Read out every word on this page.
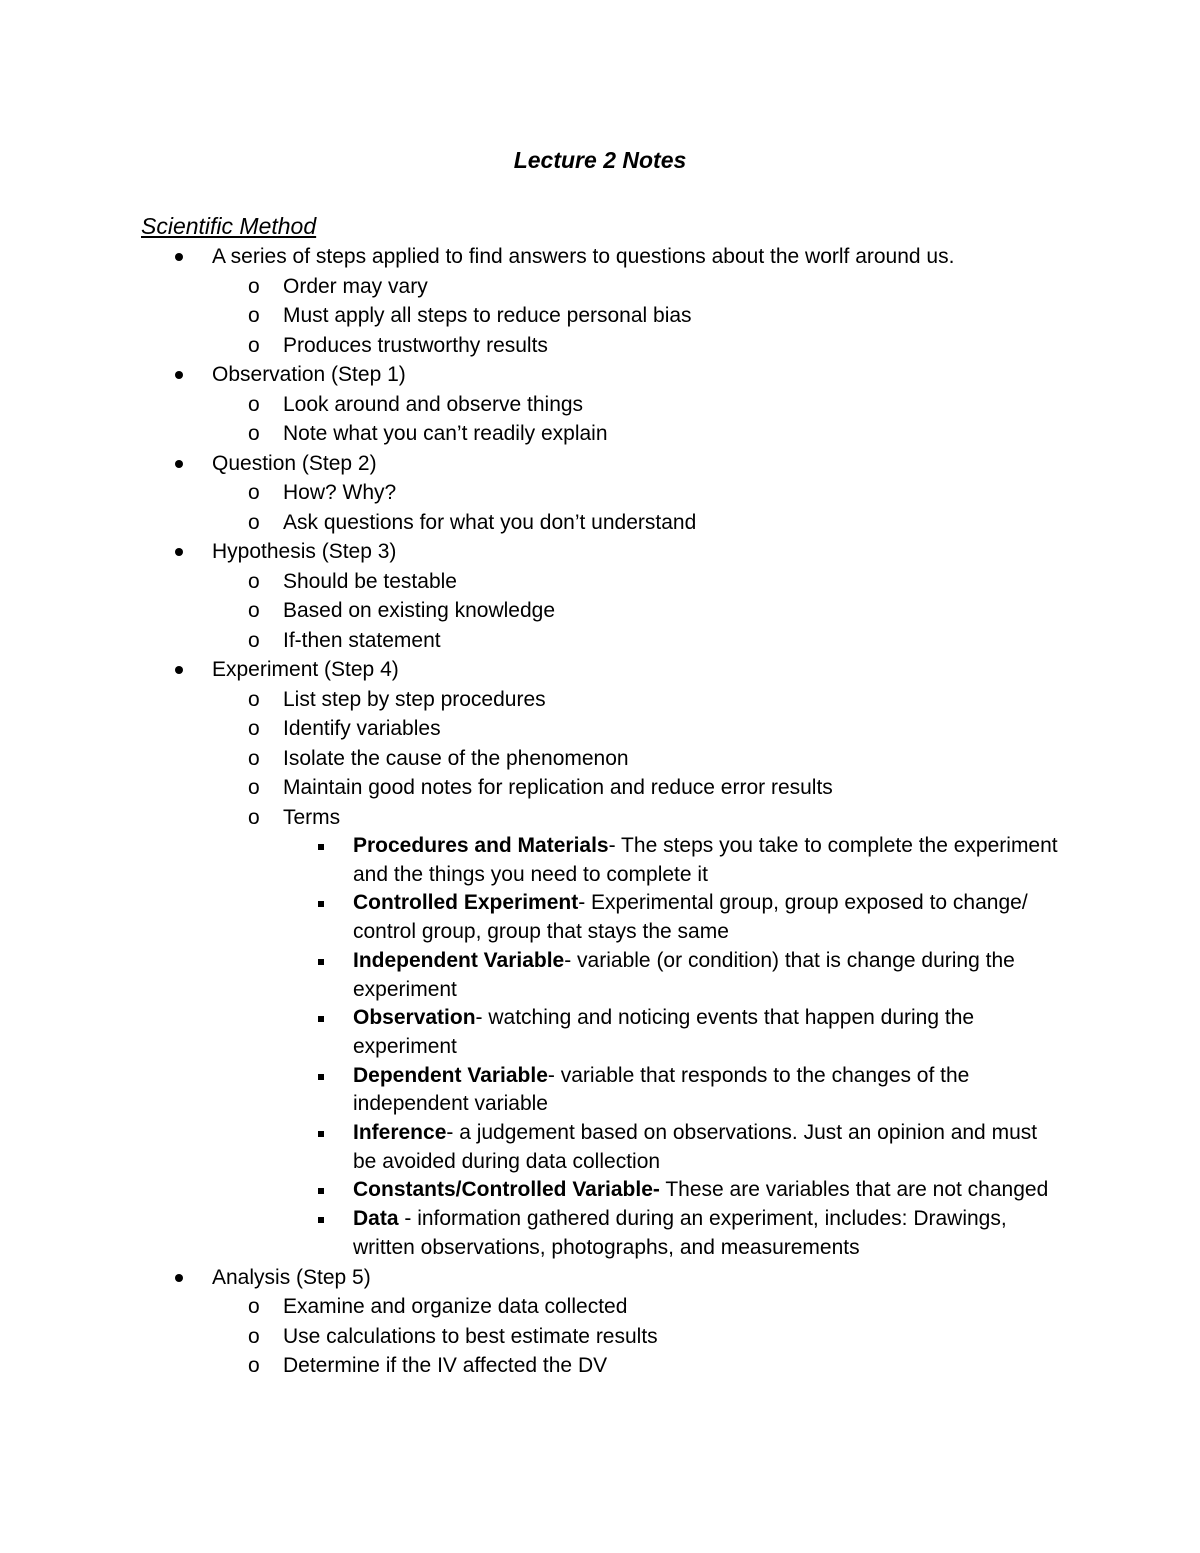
Lecture 2 Notes
Scientific Method
A series of steps applied to find answers to questions about the worlf around us.
o Order may vary
o Must apply all steps to reduce personal bias
o Produces trustworthy results
Observation (Step 1)
o Look around and observe things
o Note what you can’t readily explain
Question (Step 2)
o How? Why?
o Ask questions for what you don’t understand
Hypothesis (Step 3)
o Should be testable
o Based on existing knowledge
o If-then statement
Experiment (Step 4)
o List step by step procedures
o Identify variables
o Isolate the cause of the phenomenon
o Maintain good notes for replication and reduce error results
o Terms
Procedures and Materials- The steps you take to complete the experiment and the things you need to complete it
Controlled Experiment- Experimental group, group exposed to change/ control group, group that stays the same
Independent Variable- variable (or condition) that is change during the experiment
Observation- watching and noticing events that happen during the experiment
Dependent Variable- variable that responds to the changes of the independent variable
Inference- a judgement based on observations. Just an opinion and must be avoided during data collection
Constants/Controlled Variable- These are variables that are not changed
Data - information gathered during an experiment, includes: Drawings, written observations, photographs, and measurements
Analysis (Step 5)
o Examine and organize data collected
o Use calculations to best estimate results
o Determine if the IV affected the DV
